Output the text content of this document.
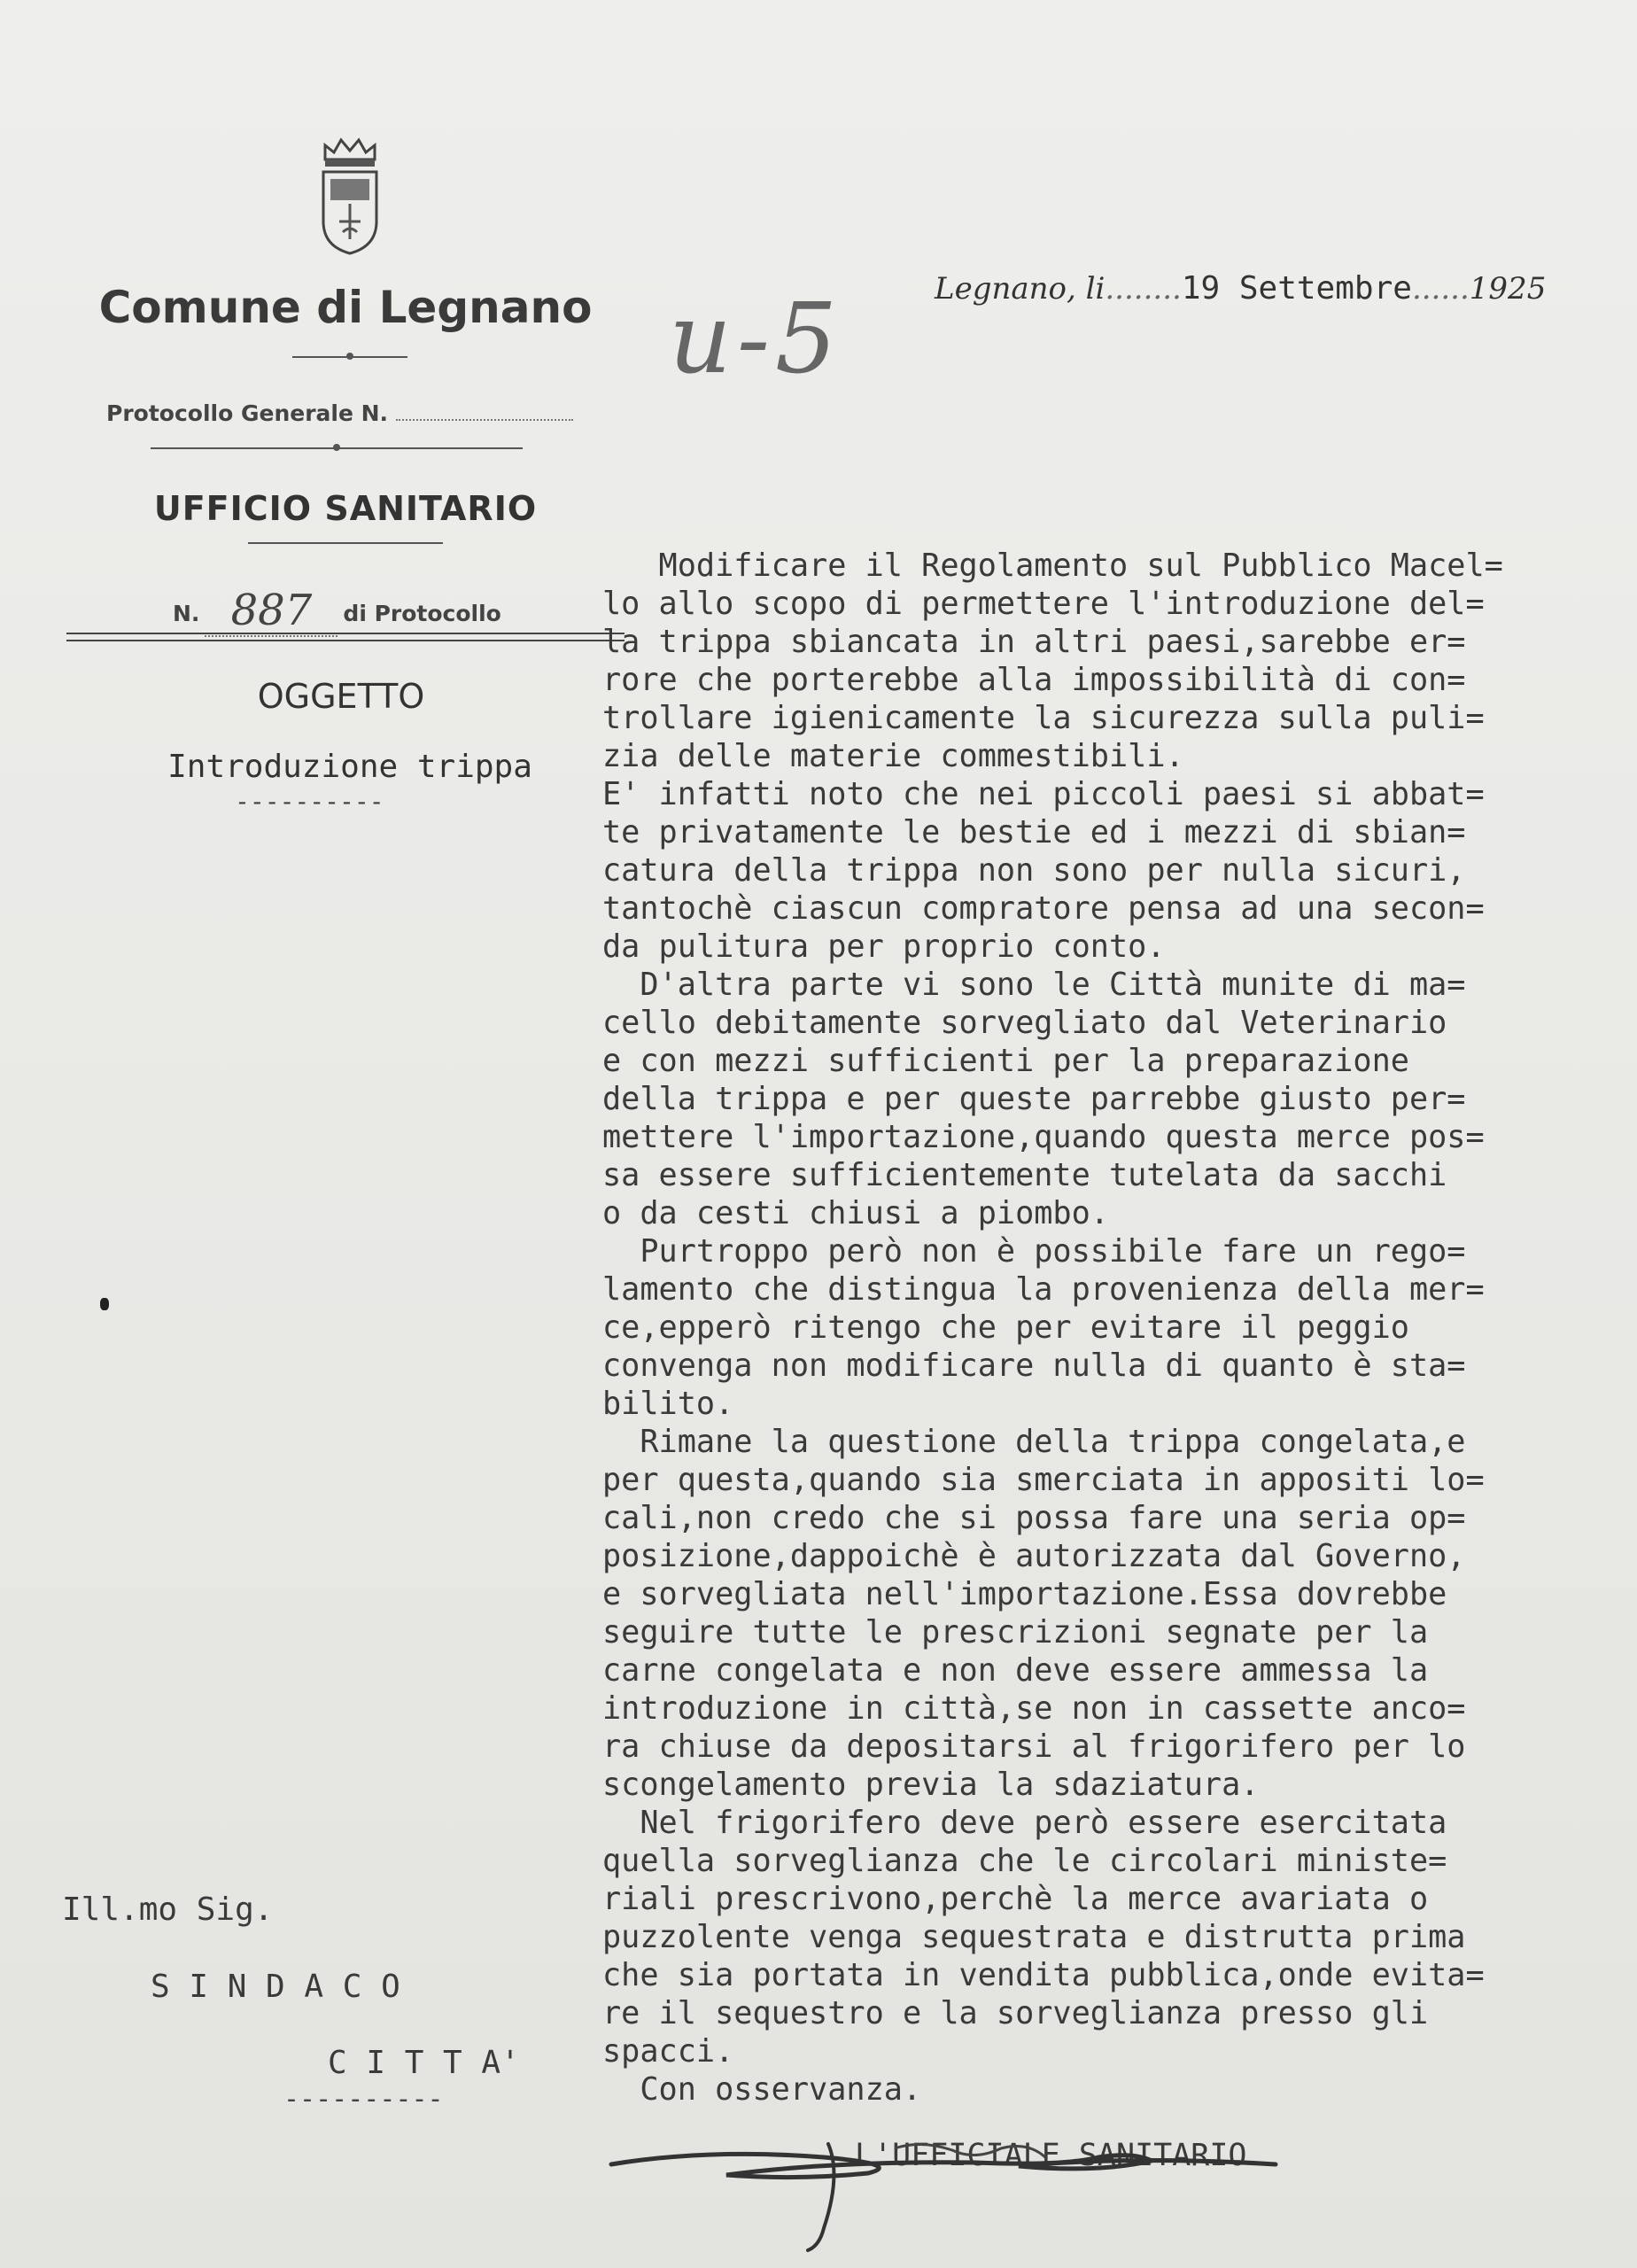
Comune di Legnano
Protocollo Generale N.
UFFICIO SANITARIO
N. 887 di Protocollo
OGGETTO
Introduzione trippa
----------
u-5	Legnano, li........19 Settembre......1925
Modificare il Regolamento sul Pubblico Macel=
lo allo scopo di permettere l'introduzione del=
la trippa sbiancata in altri paesi,sarebbe er=
rore che porterebbe alla impossibilità di con=
trollare igienicamente la sicurezza sulla puli=
zia delle materie commestibili.
E' infatti noto che nei piccoli paesi si abbat=
te privatamente le bestie ed i mezzi di sbian=
catura della trippa non sono per nulla sicuri,
tantochè ciascun compratore pensa ad una secon=
da pulitura per proprio conto.
D'altra parte vi sono le Città munite di ma=
cello debitamente sorvegliato dal Veterinario
e con mezzi sufficienti per la preparazione
della trippa e per queste parrebbe giusto per=
mettere l'importazione,quando questa merce pos=
sa essere sufficientemente tutelata da sacchi
o da cesti chiusi a piombo.
Purtroppo però non è possibile fare un rego=
lamento che distingua la provenienza della mer=
ce,epperò ritengo che per evitare il peggio
convenga non modificare nulla di quanto è sta=
bilito.
Rimane la questione della trippa congelata,e
per questa,quando sia smerciata in appositi lo=
cali,non credo che si possa fare una seria op=
posizione,dappoichè è autorizzata dal Governo,
e sorvegliata nell'importazione.Essa dovrebbe
seguire tutte le prescrizioni segnate per la
carne congelata e non deve essere ammessa la
introduzione in città,se non in cassette anco=
ra chiuse da depositarsi al frigorifero per lo
scongelamento previa la sdaziatura.
Nel frigorifero deve però essere esercitata
quella sorveglianza che le circolari ministe=
riali prescrivono,perchè la merce avariata o
puzzolente venga sequestrata e distrutta prima
che sia portata in vendita pubblica,onde evita=
re il sequestro e la sorveglianza presso gli
spacci.
Con osservanza.
Ill.mo Sig.
S I N D A C O
C I T T A'
----------
L'UFFICIALE SANITARIO
